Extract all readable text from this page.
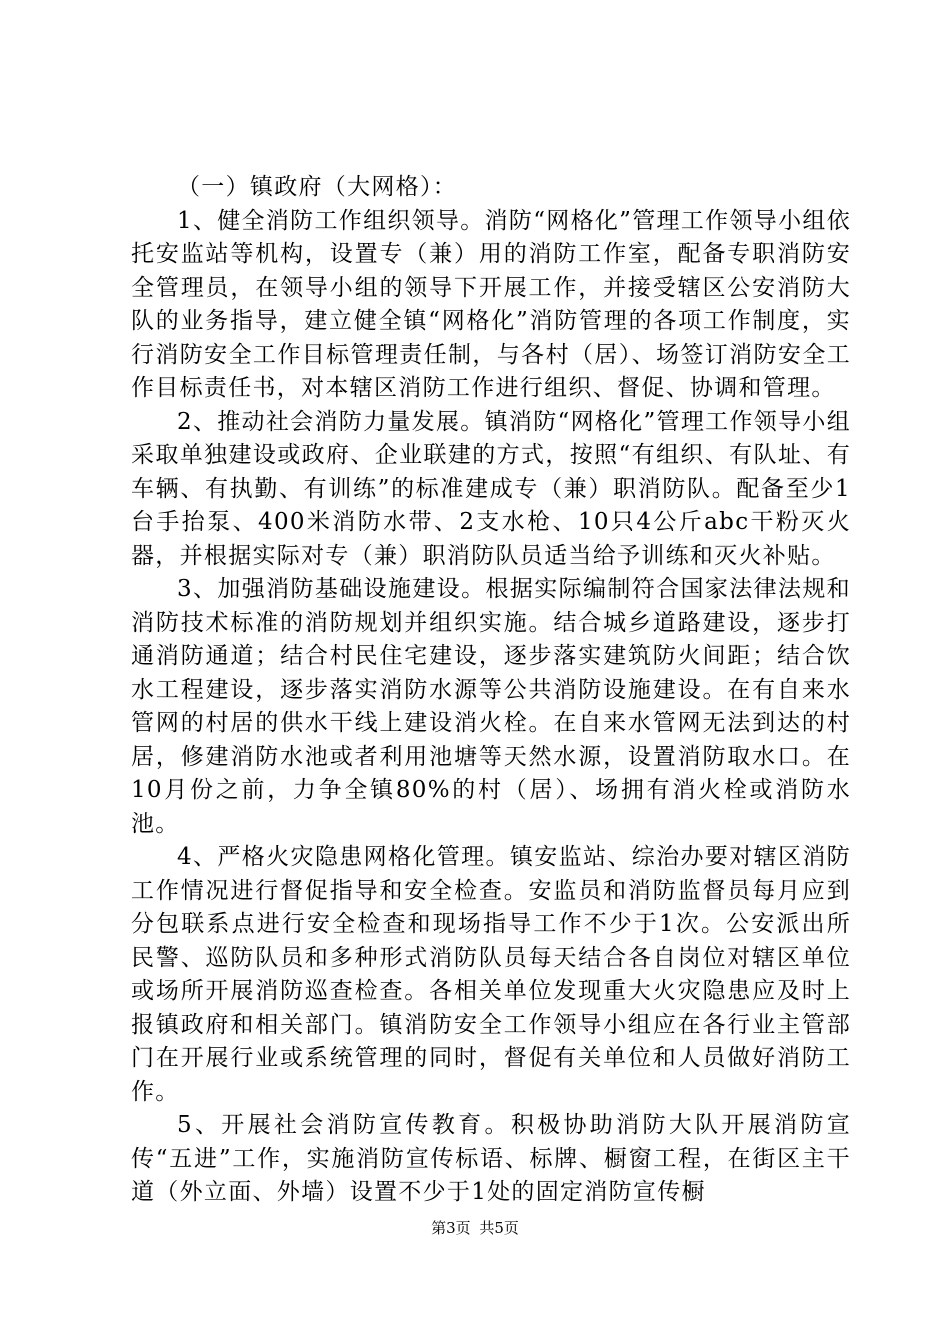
（一）镇政府（大网格）：

1、健全消防工作组织领导。消防“网格化”管理工作领导小组依托安监站等机构，设置专（兼）用的消防工作室，配备专职消防安全管理员，在领导小组的领导下开展工作，并接受辖区公安消防大队的业务指导，建立健全镇“网格化”消防管理的各项工作制度，实行消防安全工作目标管理责任制，与各村（居）、场签订消防安全工作目标责任书，对本辖区消防工作进行组织、督促、协调和管理。

2、推动社会消防力量发展。镇消防“网格化”管理工作领导小组采取单独建设或政府、企业联建的方式，按照“有组织、有队址、有车辆、有执勤、有训练”的标准建成专（兼）职消防队。配备至少1台手抬泵、400米消防水带、2支水枪、10只4公斤abc干粉灭火器，并根据实际对专（兼）职消防队员适当给予训练和灭火补贴。

3、加强消防基础设施建设。根据实际编制符合国家法律法规和消防技术标准的消防规划并组织实施。结合城乡道路建设，逐步打通消防通道；结合村民住宅建设，逐步落实建筑防火间距；结合饮水工程建设，逐步落实消防水源等公共消防设施建设。在有自来水管网的村居的供水干线上建设消火栓。在自来水管网无法到达的村居，修建消防水池或者利用池塘等天然水源，设置消防取水口。在10月份之前，力争全镇80%的村（居）、场拥有消火栓或消防水池。

4、严格火灾隐患网格化管理。镇安监站、综治办要对辖区消防工作情况进行督促指导和安全检查。安监员和消防监督员每月应到分包联系点进行安全检查和现场指导工作不少于1次。公安派出所民警、巡防队员和多种形式消防队员每天结合各自岗位对辖区单位或场所开展消防巡查检查。各相关单位发现重大火灾隐患应及时上报镇政府和相关部门。镇消防安全工作领导小组应在各行业主管部门在开展行业或系统管理的同时，督促有关单位和人员做好消防工作。

5、开展社会消防宣传教育。积极协助消防大队开展消防宣传“五进”工作，实施消防宣传标语、标牌、橱窗工程，在街区主干道（外立面、外墙）设置不少于1处的固定消防宣传橱

第3页 共5页
